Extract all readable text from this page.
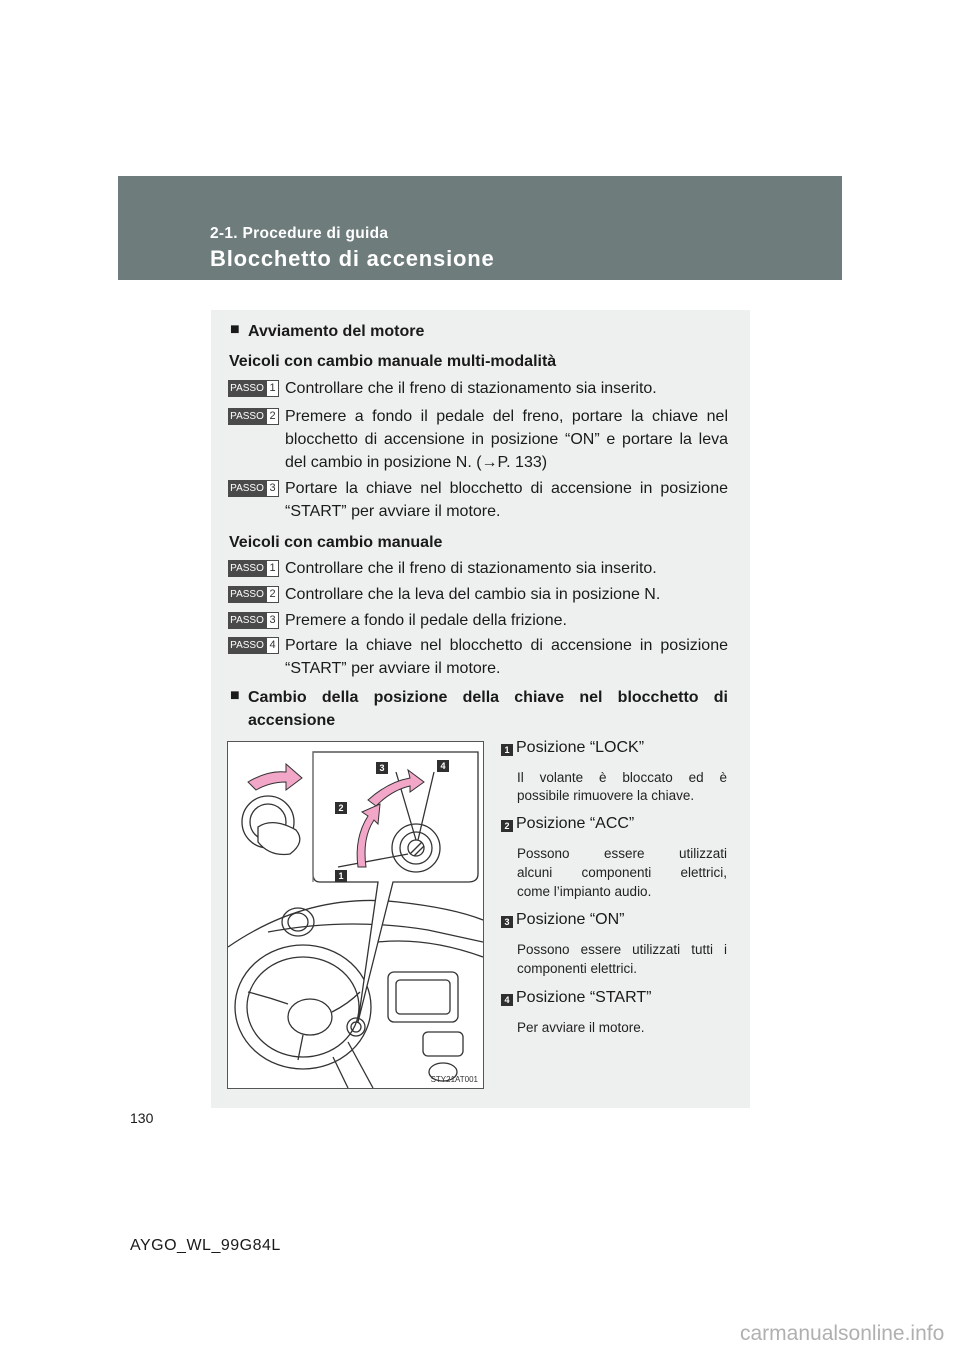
2-1. Procedure di guida
Blocchetto di accensione
■ Avviamento del motore
Veicoli con cambio manuale multi-modalità
PASSO 1 Controllare che il freno di stazionamento sia inserito.
PASSO 2 Premere a fondo il pedale del freno, portare la chiave nel
blocchetto di accensione in posizione “ON” e portare la leva
del cambio in posizione N. (→P. 133)
PASSO 3 Portare la chiave nel blocchetto di accensione in posizione
“START” per avviare il motore.
Veicoli con cambio manuale
PASSO 1 Controllare che il freno di stazionamento sia inserito.
PASSO 2 Controllare che la leva del cambio sia in posizione N.
PASSO 3 Premere a fondo il pedale della frizione.
PASSO 4 Portare la chiave nel blocchetto di accensione in posizione
“START” per avviare il motore.
■ Cambio della posizione della chiave nel blocchetto di
accensione
1 Posizione “LOCK”
Il volante è bloccato ed è
possibile rimuovere la chiave.
2 Posizione “ACC”
Possono essere utilizzati
alcuni componenti elettrici,
come l’impianto audio.
3 Posizione “ON”
Possono essere utilizzati tutti i
componenti elettrici.
4 Posizione “START”
Per avviare il motore.
1
2
3	4
STY21AT001
130
AYGO_WL_99G84L
carmanualsonline.info
